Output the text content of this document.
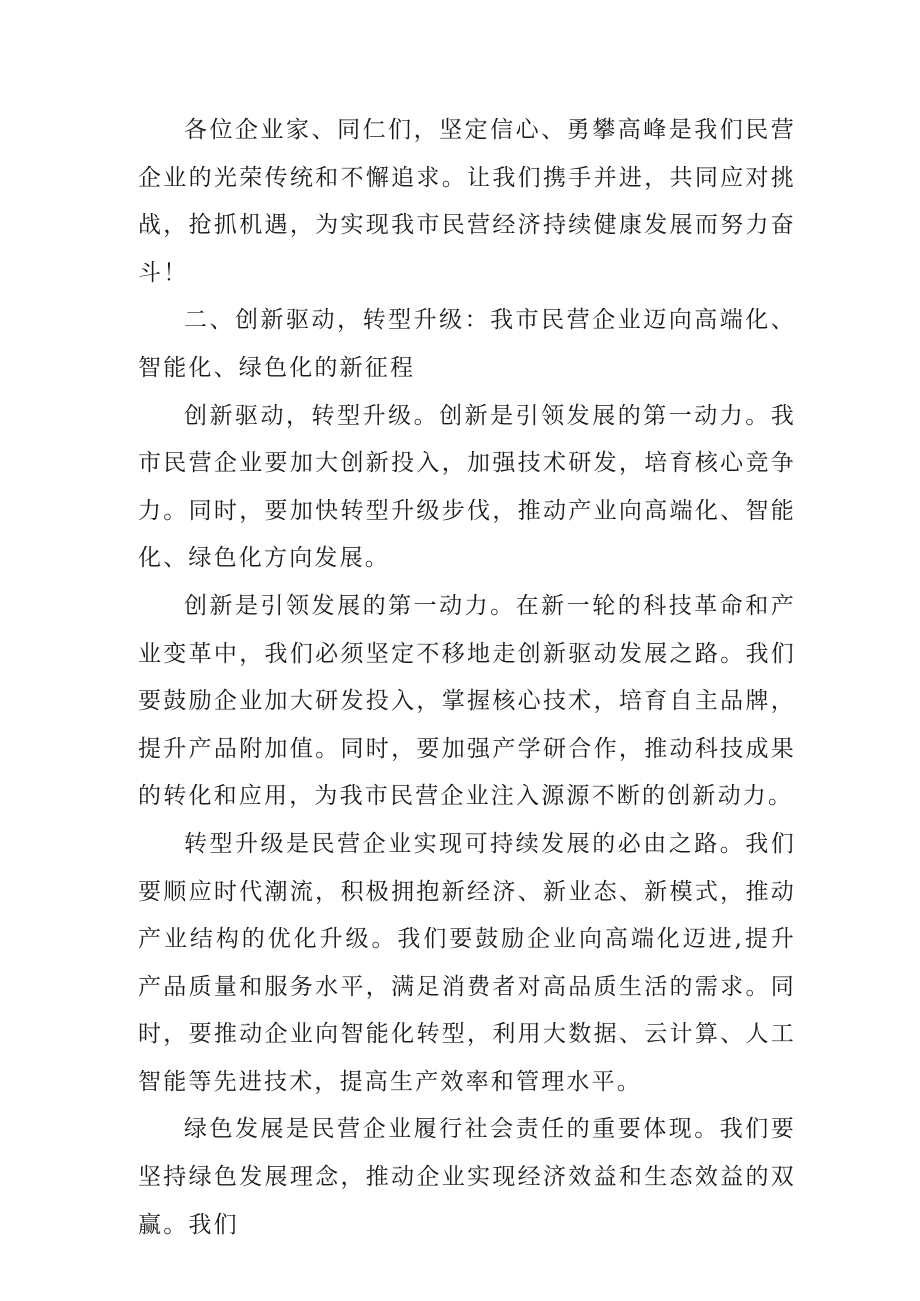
各位企业家、同仁们，坚定信心、勇攀高峰是我们民营企业的光荣传统和不懈追求。让我们携手并进，共同应对挑战，抢抓机遇，为实现我市民营经济持续健康发展而努力奋斗！

二、创新驱动，转型升级：我市民营企业迈向高端化、智能化、绿色化的新征程

创新驱动，转型升级。创新是引领发展的第一动力。我市民营企业要加大创新投入，加强技术研发，培育核心竞争力。同时，要加快转型升级步伐，推动产业向高端化、智能化、绿色化方向发展。

创新是引领发展的第一动力。在新一轮的科技革命和产业变革中，我们必须坚定不移地走创新驱动发展之路。我们要鼓励企业加大研发投入，掌握核心技术，培育自主品牌，提升产品附加值。同时，要加强产学研合作，推动科技成果的转化和应用，为我市民营企业注入源源不断的创新动力。

转型升级是民营企业实现可持续发展的必由之路。我们要顺应时代潮流，积极拥抱新经济、新业态、新模式，推动产业结构的优化升级。我们要鼓励企业向高端化迈进,提升产品质量和服务水平，满足消费者对高品质生活的需求。同时，要推动企业向智能化转型，利用大数据、云计算、人工智能等先进技术，提高生产效率和管理水平。

绿色发展是民营企业履行社会责任的重要体现。我们要坚持绿色发展理念，推动企业实现经济效益和生态效益的双赢。我们
